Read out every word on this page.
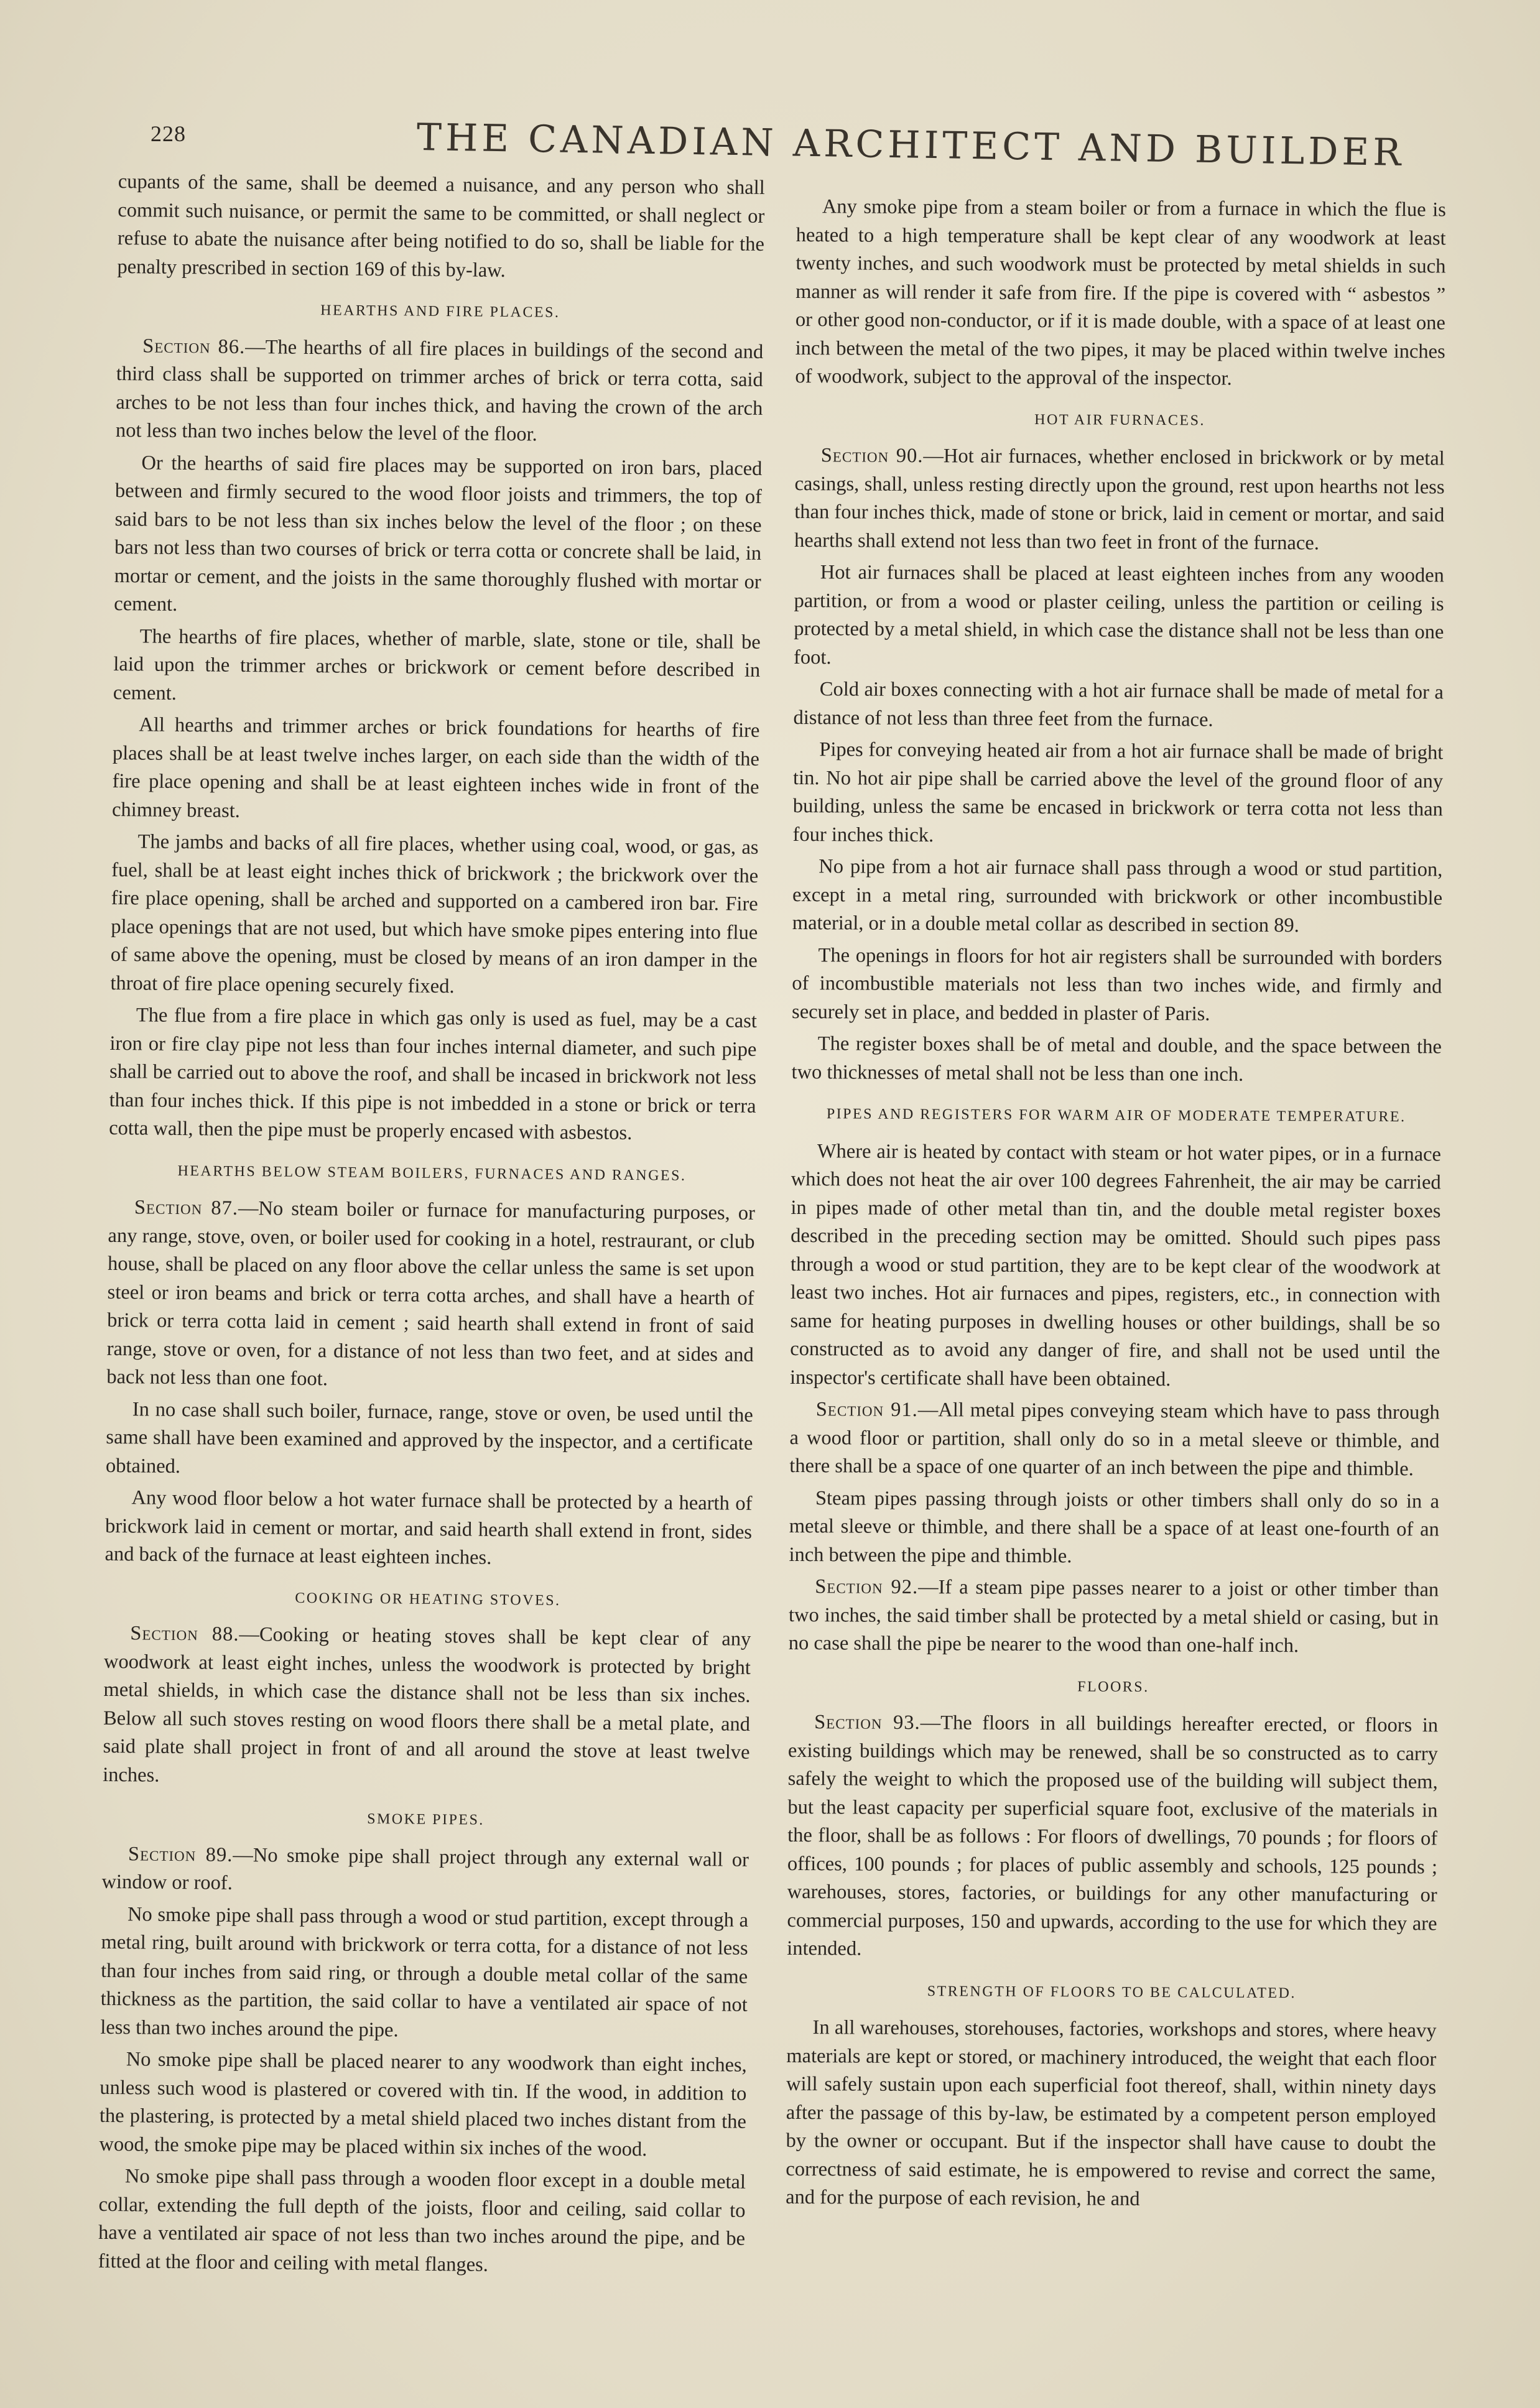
228	THE CANADIAN ARCHITECT AND BUILDER

cupants of the same, shall be deemed a nuisance, and any person who shall commit such nuisance, or permit the same to be committed, or shall neglect or refuse to abate the nuisance after being notified to do so, shall be liable for the penalty prescribed in section 169 of this by-law.

HEARTHS AND FIRE PLACES.

Section 86.—The hearths of all fire places in buildings of the second and third class shall be supported on trimmer arches of brick or terra cotta, said arches to be not less than four inches thick, and having the crown of the arch not less than two inches below the level of the floor.

Or the hearths of said fire places may be supported on iron bars, placed between and firmly secured to the wood floor joists and trimmers, the top of said bars to be not less than six inches below the level of the floor ; on these bars not less than two courses of brick or terra cotta or concrete shall be laid, in mortar or cement, and the joists in the same thoroughly flushed with mortar or cement.

The hearths of fire places, whether of marble, slate, stone or tile, shall be laid upon the trimmer arches or brickwork or cement before described in cement.

All hearths and trimmer arches or brick foundations for hearths of fire places shall be at least twelve inches larger, on each side than the width of the fire place opening and shall be at least eighteen inches wide in front of the chimney breast.

The jambs and backs of all fire places, whether using coal, wood, or gas, as fuel, shall be at least eight inches thick of brickwork ; the brickwork over the fire place opening, shall be arched and supported on a cambered iron bar. Fire place openings that are not used, but which have smoke pipes entering into flue of same above the opening, must be closed by means of an iron damper in the throat of fire place opening securely fixed.

The flue from a fire place in which gas only is used as fuel, may be a cast iron or fire clay pipe not less than four inches internal diameter, and such pipe shall be carried out to above the roof, and shall be incased in brickwork not less than four inches thick. If this pipe is not imbedded in a stone or brick or terra cotta wall, then the pipe must be properly encased with asbestos.

HEARTHS BELOW STEAM BOILERS, FURNACES AND RANGES.

Section 87.—No steam boiler or furnace for manufacturing purposes, or any range, stove, oven, or boiler used for cooking in a hotel, restraurant, or club house, shall be placed on any floor above the cellar unless the same is set upon steel or iron beams and brick or terra cotta arches, and shall have a hearth of brick or terra cotta laid in cement ; said hearth shall extend in front of said range, stove or oven, for a distance of not less than two feet, and at sides and back not less than one foot.

In no case shall such boiler, furnace, range, stove or oven, be used until the same shall have been examined and approved by the inspector, and a certificate obtained.

Any wood floor below a hot water furnace shall be protected by a hearth of brickwork laid in cement or mortar, and said hearth shall extend in front, sides and back of the furnace at least eighteen inches.

COOKING OR HEATING STOVES.

Section 88.—Cooking or heating stoves shall be kept clear of any woodwork at least eight inches, unless the woodwork is protected by bright metal shields, in which case the distance shall not be less than six inches. Below all such stoves resting on wood floors there shall be a metal plate, and said plate shall project in front of and all around the stove at least twelve inches.

SMOKE PIPES.

Section 89.—No smoke pipe shall project through any external wall or window or roof.

No smoke pipe shall pass through a wood or stud partition, except through a metal ring, built around with brickwork or terra cotta, for a distance of not less than four inches from said ring, or through a double metal collar of the same thickness as the partition, the said collar to have a ventilated air space of not less than two inches around the pipe.

No smoke pipe shall be placed nearer to any woodwork than eight inches, unless such wood is plastered or covered with tin. If the wood, in addition to the plastering, is protected by a metal shield placed two inches distant from the wood, the smoke pipe may be placed within six inches of the wood.

No smoke pipe shall pass through a wooden floor except in a double metal collar, extending the full depth of the joists, floor and ceiling, said collar to have a ventilated air space of not less than two inches around the pipe, and be fitted at the floor and ceiling with metal flanges.

Any smoke pipe from a steam boiler or from a furnace in which the flue is heated to a high temperature shall be kept clear of any woodwork at least twenty inches, and such woodwork must be protected by metal shields in such manner as will render it safe from fire. If the pipe is covered with “ asbestos ” or other good non-conductor, or if it is made double, with a space of at least one inch between the metal of the two pipes, it may be placed within twelve inches of woodwork, subject to the approval of the inspector.

HOT AIR FURNACES.

Section 90.—Hot air furnaces, whether enclosed in brickwork or by metal casings, shall, unless resting directly upon the ground, rest upon hearths not less than four inches thick, made of stone or brick, laid in cement or mortar, and said hearths shall extend not less than two feet in front of the furnace.

Hot air furnaces shall be placed at least eighteen inches from any wooden partition, or from a wood or plaster ceiling, unless the partition or ceiling is protected by a metal shield, in which case the distance shall not be less than one foot.

Cold air boxes connecting with a hot air furnace shall be made of metal for a distance of not less than three feet from the furnace.

Pipes for conveying heated air from a hot air furnace shall be made of bright tin. No hot air pipe shall be carried above the level of the ground floor of any building, unless the same be encased in brickwork or terra cotta not less than four inches thick.

No pipe from a hot air furnace shall pass through a wood or stud partition, except in a metal ring, surrounded with brickwork or other incombustible material, or in a double metal collar as described in section 89.

The openings in floors for hot air registers shall be surrounded with borders of incombustible materials not less than two inches wide, and firmly and securely set in place, and bedded in plaster of Paris.

The register boxes shall be of metal and double, and the space between the two thicknesses of metal shall not be less than one inch.

PIPES AND REGISTERS FOR WARM AIR OF MODERATE TEMPERATURE.

Where air is heated by contact with steam or hot water pipes, or in a furnace which does not heat the air over 100 degrees Fahrenheit, the air may be carried in pipes made of other metal than tin, and the double metal register boxes described in the preceding section may be omitted. Should such pipes pass through a wood or stud partition, they are to be kept clear of the woodwork at least two inches. Hot air furnaces and pipes, registers, etc., in connection with same for heating purposes in dwelling houses or other buildings, shall be so constructed as to avoid any danger of fire, and shall not be used until the inspector's certificate shall have been obtained.

Section 91.—All metal pipes conveying steam which have to pass through a wood floor or partition, shall only do so in a metal sleeve or thimble, and there shall be a space of one quarter of an inch between the pipe and thimble.

Steam pipes passing through joists or other timbers shall only do so in a metal sleeve or thimble, and there shall be a space of at least one-fourth of an inch between the pipe and thimble.

Section 92.—If a steam pipe passes nearer to a joist or other timber than two inches, the said timber shall be protected by a metal shield or casing, but in no case shall the pipe be nearer to the wood than one-half inch.

FLOORS.

Section 93.—The floors in all buildings hereafter erected, or floors in existing buildings which may be renewed, shall be so constructed as to carry safely the weight to which the proposed use of the building will subject them, but the least capacity per superficial square foot, exclusive of the materials in the floor, shall be as follows : For floors of dwellings, 70 pounds ; for floors of offices, 100 pounds ; for places of public assembly and schools, 125 pounds ; warehouses, stores, factories, or buildings for any other manufacturing or commercial purposes, 150 and upwards, according to the use for which they are intended.

STRENGTH OF FLOORS TO BE CALCULATED.

In all warehouses, storehouses, factories, workshops and stores, where heavy materials are kept or stored, or machinery introduced, the weight that each floor will safely sustain upon each superficial foot thereof, shall, within ninety days after the passage of this by-law, be estimated by a competent person employed by the owner or occupant. But if the inspector shall have cause to doubt the correctness of said estimate, he is empowered to revise and correct the same, and for the purpose of each revision, he and
